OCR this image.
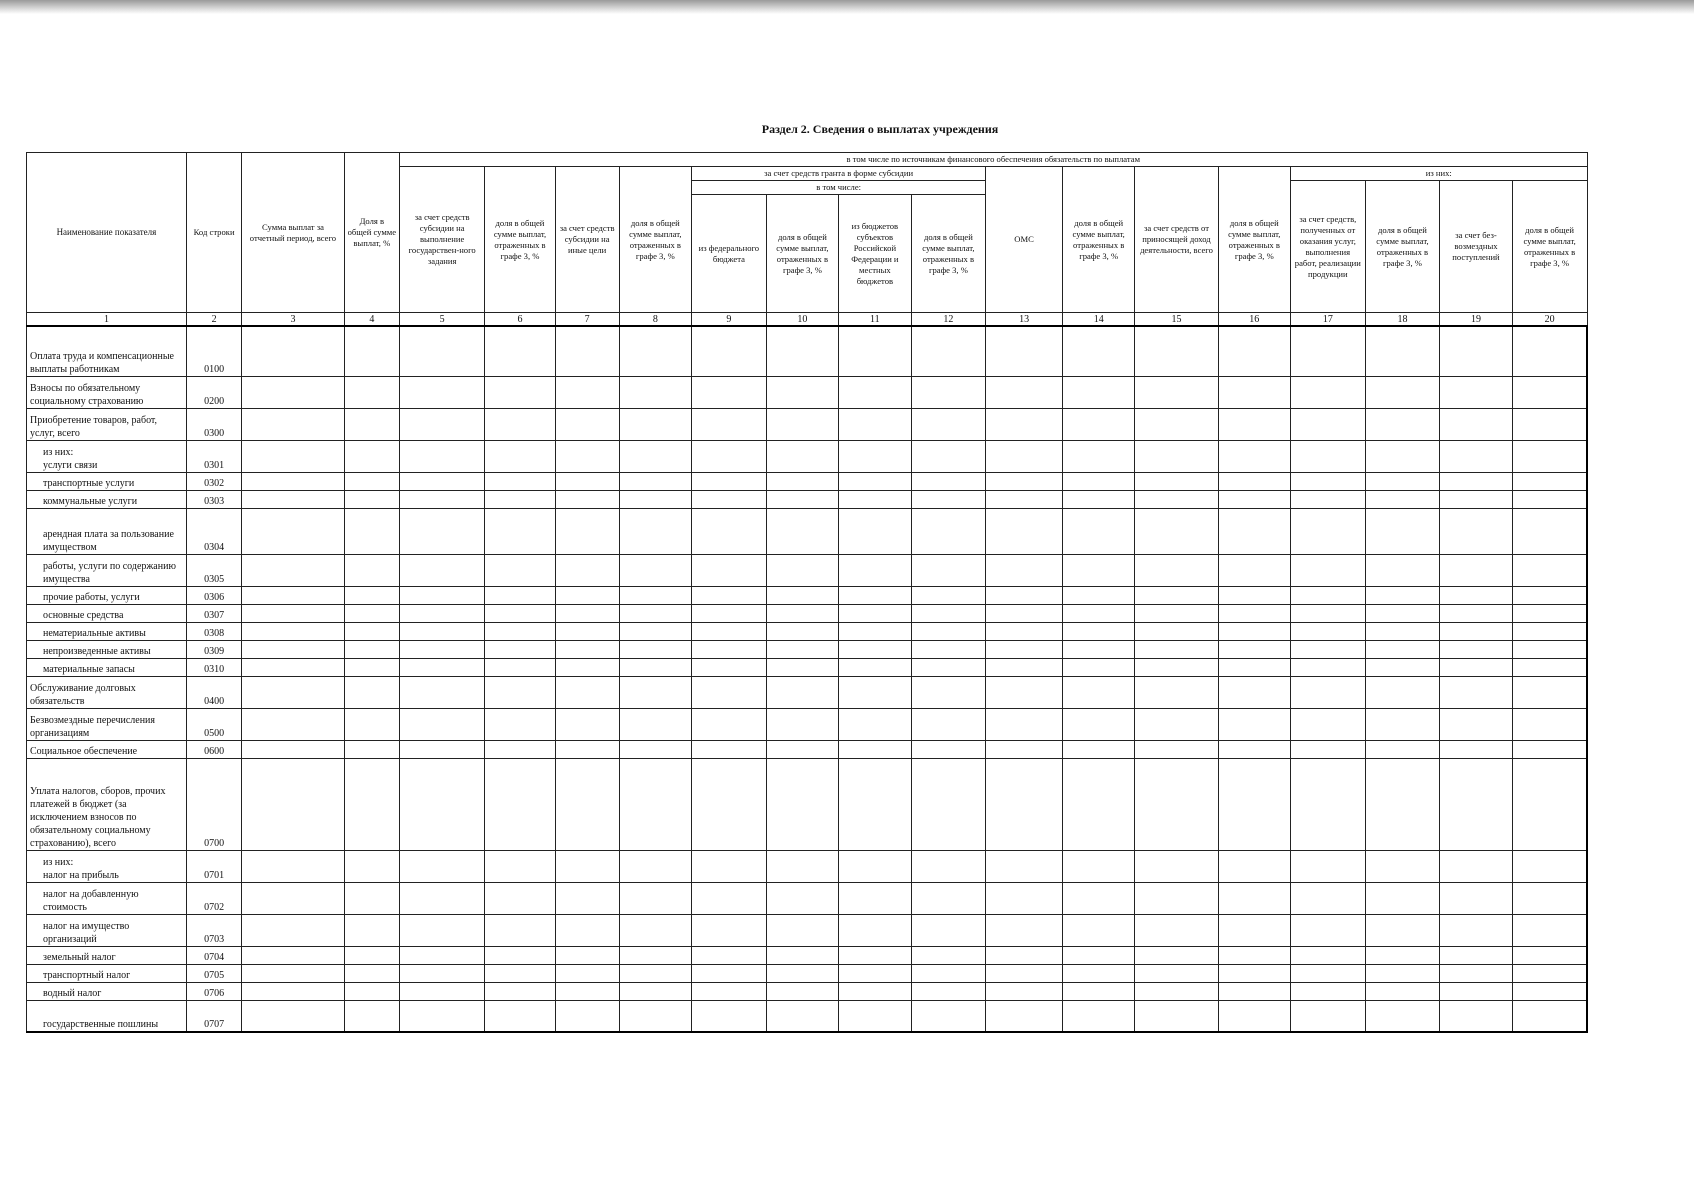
Раздел 2. Сведения о выплатах учреждения
Наименование показателя	Код строки	Сумма выплат за отчетный период, всего	Доля в общей сумме выплат, %	в том числе по источникам финансового обеспечения обязательств по выплатам															
				за счет средств субсидии на выполнение государствен-ного задания	доля в общей сумме выплат, отраженных в графе 3, %	за счет средств субсидии на иные цели	доля в общей сумме выплат, отраженных в графе 3, %	за счет средств гранта в форме субсидии				ОМС	доля в общей сумме выплат, отраженных в графе 3, %	за счет средств от приносящей доход деятельности, всего	доля в общей сумме выплат, отраженных в графе 3, %	из них:			
								в том числе:								за счет средств, полученных от оказания услуг, выполнения работ, реализации продукции	доля в общей сумме выплат, отраженных в графе 3, %	за счет без-возмездных поступлений	доля в общей сумме выплат, отраженных в графе 3, %
								из федерального бюджета	доля в общей сумме выплат, отраженных в графе 3, %	из бюджетов субъектов Российской Федерации и местных бюджетов	доля в общей сумме выплат, отраженных в графе 3, %								
1	2	3	4	5	6	7	8	9	10	11	12	13	14	15	16	17	18	19	20
Оплата труда и компенсационные выплаты работникам	0100																		
Взносы по обязательному социальному страхованию	0200																		
Приобретение товаров, работ, услуг, всего	0300																		
из них:
услуги связи	0301																		
транспортные услуги	0302																		
коммунальные услуги	0303																		
арендная плата за пользование имуществом	0304																		
работы, услуги по содержанию имущества	0305																		
прочие работы, услуги	0306																		
основные средства	0307																		
нематериальные активы	0308																		
непроизведенные активы	0309																		
материальные запасы	0310																		
Обслуживание долговых обязательств	0400																		
Безвозмездные перечисления организациям	0500																		
Социальное обеспечение	0600																		
Уплата налогов, сборов, прочих платежей в бюджет (за исключением взносов по обязательному социальному страхованию), всего	0700																		
из них:
налог на прибыль	0701																		
налог на добавленную стоимость	0702																		
налог на имущество организаций	0703																		
земельный налог	0704																		
транспортный налог	0705																		
водный налог	0706																		
государственные пошлины	0707																		
